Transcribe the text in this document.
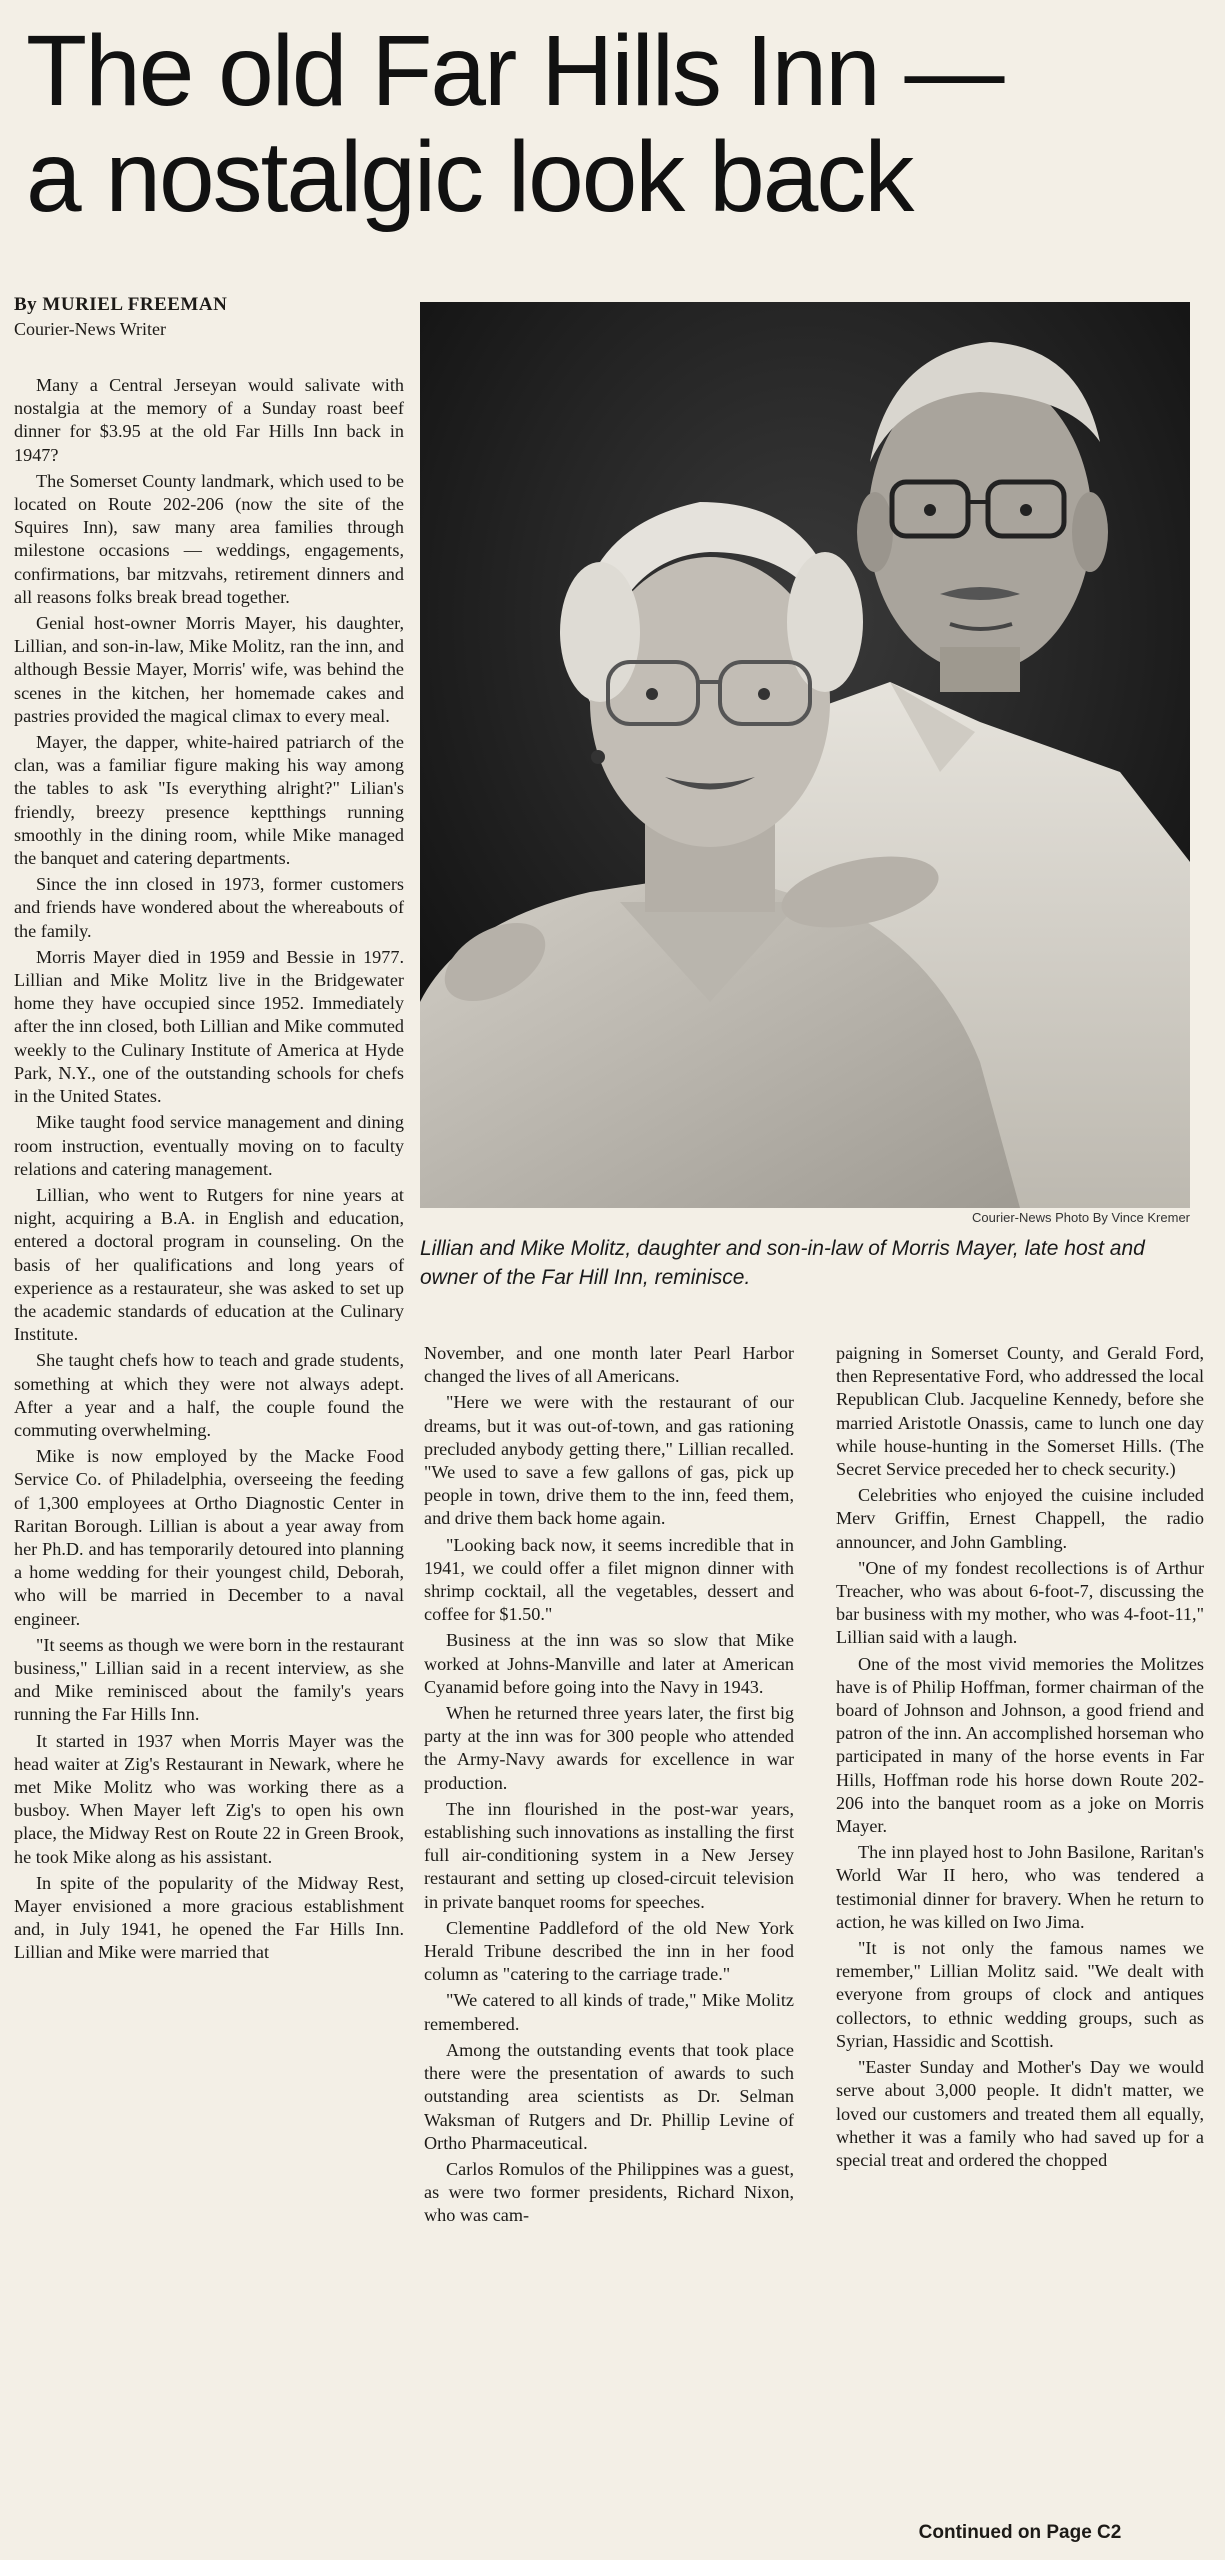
The old Far Hills Inn —
a nostalgic look back
By MURIEL FREEMAN
Courier-News Writer
Courier-News Photo By Vince Kremer
Lillian and Mike Molitz, daughter and son-in-law of Morris Mayer, late host and owner of the Far Hill Inn, reminisce.

Many a Central Jerseyan would salivate with nostalgia at the memory of a Sunday roast beef dinner for $3.95 at the old Far Hills Inn back in 1947?

The Somerset County landmark, which used to be located on Route 202-206 (now the site of the Squires Inn), saw many area families through milestone occasions — weddings, engagements, confirmations, bar mitzvahs, retirement dinners and all reasons folks break bread together.

Genial host-owner Morris Mayer, his daughter, Lillian, and son-in-law, Mike Molitz, ran the inn, and although Bessie Mayer, Morris' wife, was behind the scenes in the kitchen, her homemade cakes and pastries provided the magical climax to every meal.

Mayer, the dapper, white-haired patriarch of the clan, was a familiar figure making his way among the tables to ask "Is everything alright?" Lilian's friendly, breezy presence keptthings running smoothly in the dining room, while Mike managed the banquet and catering departments.

Since the inn closed in 1973, former customers and friends have wondered about the whereabouts of the family.

Morris Mayer died in 1959 and Bessie in 1977. Lillian and Mike Molitz live in the Bridgewater home they have occupied since 1952. Immediately after the inn closed, both Lillian and Mike commuted weekly to the Culinary Institute of America at Hyde Park, N.Y., one of the outstanding schools for chefs in the United States.

Mike taught food service management and dining room instruction, eventually moving on to faculty relations and catering management.

Lillian, who went to Rutgers for nine years at night, acquiring a B.A. in English and education, entered a doctoral program in counseling. On the basis of her qualifications and long years of experience as a restaurateur, she was asked to set up the academic standards of education at the Culinary Institute.

She taught chefs how to teach and grade students, something at which they were not always adept. After a year and a half, the couple found the commuting overwhelming.

Mike is now employed by the Macke Food Service Co. of Philadelphia, overseeing the feeding of 1,300 employees at Ortho Diagnostic Center in Raritan Borough. Lillian is about a year away from her Ph.D. and has temporarily detoured into planning a home wedding for their youngest child, Deborah, who will be married in December to a naval engineer.

"It seems as though we were born in the restaurant business," Lillian said in a recent interview, as she and Mike reminisced about the family's years running the Far Hills Inn.

It started in 1937 when Morris Mayer was the head waiter at Zig's Restaurant in Newark, where he met Mike Molitz who was working there as a busboy. When Mayer left Zig's to open his own place, the Midway Rest on Route 22 in Green Brook, he took Mike along as his assistant.

In spite of the popularity of the Midway Rest, Mayer envisioned a more gracious establishment and, in July 1941, he opened the Far Hills Inn. Lillian and Mike were married that

November, and one month later Pearl Harbor changed the lives of all Americans.

"Here we were with the restaurant of our dreams, but it was out-of-town, and gas rationing precluded anybody getting there," Lillian recalled. "We used to save a few gallons of gas, pick up people in town, drive them to the inn, feed them, and drive them back home again.

"Looking back now, it seems incredible that in 1941, we could offer a filet mignon dinner with shrimp cocktail, all the vegetables, dessert and coffee for $1.50."

Business at the inn was so slow that Mike worked at Johns-Manville and later at American Cyanamid before going into the Navy in 1943.

When he returned three years later, the first big party at the inn was for 300 people who attended the Army-Navy awards for excellence in war production.

The inn flourished in the post-war years, establishing such innovations as installing the first full air-conditioning system in a New Jersey restaurant and setting up closed-circuit television in private banquet rooms for speeches.

Clementine Paddleford of the old New York Herald Tribune described the inn in her food column as "catering to the carriage trade."

"We catered to all kinds of trade," Mike Molitz remembered.

Among the outstanding events that took place there were the presentation of awards to such outstanding area scientists as Dr. Selman Waksman of Rutgers and Dr. Phillip Levine of Ortho Pharmaceutical.

Carlos Romulos of the Philippines was a guest, as were two former presidents, Richard Nixon, who was cam-

paigning in Somerset County, and Gerald Ford, then Representative Ford, who addressed the local Republican Club. Jacqueline Kennedy, before she married Aristotle Onassis, came to lunch one day while house-hunting in the Somerset Hills. (The Secret Service preceded her to check security.)

Celebrities who enjoyed the cuisine included Merv Griffin, Ernest Chappell, the radio announcer, and John Gambling.

"One of my fondest recollections is of Arthur Treacher, who was about 6-foot-7, discussing the bar business with my mother, who was 4-foot-11," Lillian said with a laugh.

One of the most vivid memories the Molitzes have is of Philip Hoffman, former chairman of the board of Johnson and Johnson, a good friend and patron of the inn. An accomplished horseman who participated in many of the horse events in Far Hills, Hoffman rode his horse down Route 202-206 into the banquet room as a joke on Morris Mayer.

The inn played host to John Basilone, Raritan's World War II hero, who was tendered a testimonial dinner for bravery. When he return to action, he was killed on Iwo Jima.

"It is not only the famous names we remember," Lillian Molitz said. "We dealt with everyone from groups of clock and antiques collectors, to ethnic wedding groups, such as Syrian, Hassidic and Scottish.

"Easter Sunday and Mother's Day we would serve about 3,000 people. It didn't matter, we loved our customers and treated them all equally, whether it was a family who had saved up for a special treat and ordered the chopped

Continued on Page C2
